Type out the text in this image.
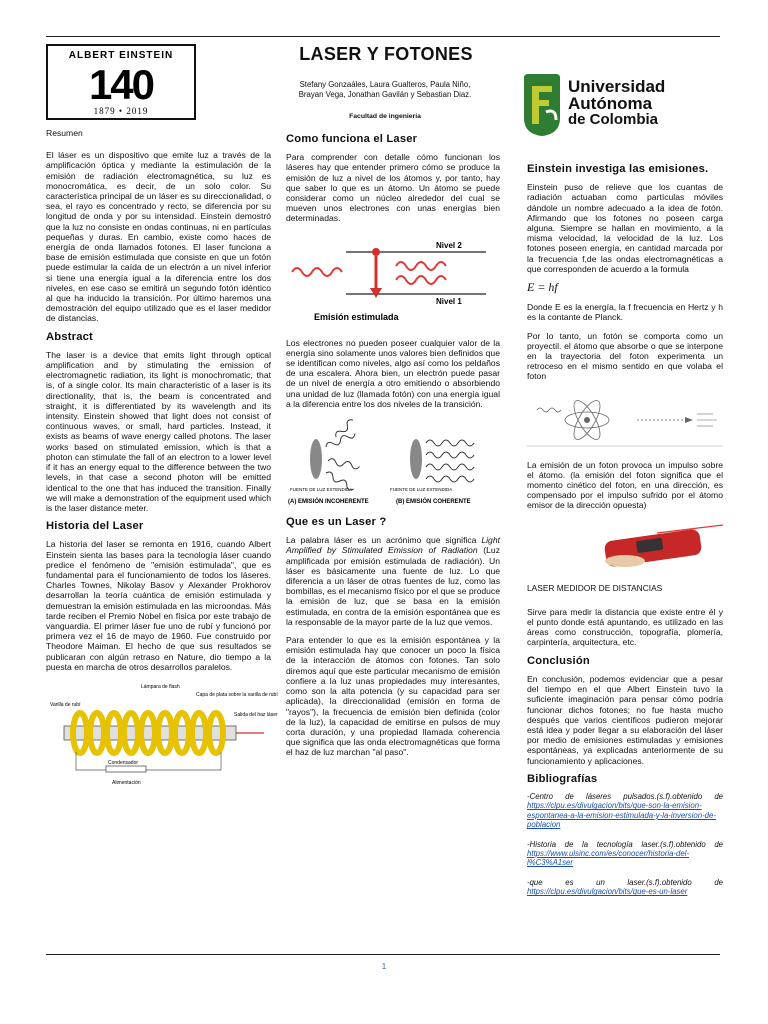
ALBERT EINSTEIN
140
1879 • 2019
LASER Y FOTONES
Stefany Gonzaáles, Laura Gualteros, Paula Niño, Brayan Vega, Jonathan Gavilán y Sebastian Diaz.
Facultad de ingeniería
Universidad
Autónoma
de Colombia
Resumen
El láser es un dispositivo que emite luz a través de la amplificación óptica y mediante la estimulación de la emisión de radiación electromagnética, su luz es monocromática, es decir, de un solo color. Su característica principal de un láser es su direccionalidad, o sea, el rayo es concentrado y recto, se diferencia por su longitud de onda y por su intensidad. Einstein demostró que la luz no consiste en ondas continuas, ni en partículas pequeñas y duras. En cambio, existe como haces de energía de onda llamados fotones. El laser funciona a base de emisión estimulada que consiste en que un fotón puede estimular la caída de un electrón a un nivel inferior si tiene una energía igual a la diferencia entre los dos niveles, en ese caso se emitirá un segundo fotón idéntico al que ha inducido la transición. Por último haremos una demostración del equipo utilizado que es el laser medidor de distancias.
Abstract
The laser is a device that emits light through optical amplification and by stimulating the emission of electromagnetic radiation, its light is monochromatic, that is, of a single color. Its main characteristic of a laser is its directionality, that is, the beam is concentrated and straight, it is differentiated by its wavelength and its intensity. Einstein showed that light does not consist of continuous waves, or small, hard particles. Instead, it exists as beams of wave energy called photons. The laser works based on stimulated emission, which is that a photon can stimulate the fall of an electron to a lower level if it has an energy equal to the difference between the two levels, in that case a second photon will be emitted identical to the one that has induced the transition. Finally we will make a demonstration of the equipment used which is the laser distance meter.
Historia del Laser
La historia del laser se remonta en 1916, cuando Albert Einstein sienta las bases para la tecnología láser cuando predice el fenómeno de "emisión estimulada", que es fundamental para el funcionamiento de todos los láseres. Charles Townes, Nikolay Basov y Alexander Prokhorov desarrollan la teoría cuántica de emisión estimulada y demuestran la emisión estimulada en las microondas. Más tarde reciben el Premio Nobel en física por este trabajo de vanguardia. El primer láser fue uno de rubí y funcionó por primera vez el 16 de mayo de 1960. Fue construido por Theodore Maiman. El hecho de que sus resultados se publicaran con algún retraso en Nature, dio tiempo a la puesta en marcha de otros desarrollos paralelos.
Lámpara de flash
Varilla de rubí
Capa de plata sobre la varilla de rubí
Salida del haz láser
Condensador
Alimentación
Como funciona el Laser
Para comprender con detalle cómo funcionan los láseres hay que entender primero cómo se produce la emisión de luz a nivel de los átomos y, por tanto, hay que saber lo que es un átomo. Un átomo se puede considerar como un núcleo alrededor del cual se mueven unos electrones con unas energías bien determinadas.
Nivel 2
Nivel 1
Emisión estimulada
Los electrones no pueden poseer cualquier valor de la energía sino solamente unos valores bien definidos que se identifican como niveles, algo así como los peldaños de una escalera. Ahora bien, un electrón puede pasar de un nivel de energía a otro emitiendo o absorbiendo una unidad de luz (llamada fotón) con una energía igual a la diferencia entre los dos niveles de la transición.
FUENTE DE LUZ EXTENDIDA	FUENTE DE LUZ EXTENDIDA
(A) EMISIÓN INCOHERENTE	(B) EMISIÓN COHERENTE
Que es un Laser ?
La palabra láser es un acrónimo que significa Light Amplified by Stimulated Emission of Radiation (Luz amplificada por emisión estimulada de radiación). Un láser es básicamente una fuente de luz. Lo que diferencia a un láser de otras fuentes de luz, como las bombillas, es el mecanismo físico por el que se produce la emisión de luz, que se basa en la emisión estimulada, en contra de la emisión espontánea que es la responsable de la mayor parte de la luz que vemos.
Para entender lo que es la emisión espontánea y la emisión estimulada hay que conocer un poco la física de la interacción de átomos con fotones. Tan solo diremos aquí que este particular mecanismo de emisión confiere a la luz unas propiedades muy interesantes, como son la alta potencia (y su capacidad para ser aplicada), la direccionalidad (emisión en forma de "rayos"), la frecuencia de emisión bien definida (color de la luz), la capacidad de emitirse en pulsos de muy corta duración, y una propiedad llamada coherencia que significa que las onda electromagnéticas que forma el haz de luz marchan "al paso".
Einstein investiga las emisiones.
Einstein puso de relieve que los cuantas de radiación actuaban como partículas móviles dándole un nombre adecuado a la idea de fotón. Afirmando que los fotones no poseen carga alguna. Siempre se hallan en movimiento, a la misma velocidad, la velocidad de la luz. Los fotones poseen energía, en cantidad marcada por la frecuencia f,de las ondas electromagnéticas a que corresponden de acuerdo a la formula
E = hf
Donde E es la energía, la f frecuencia en Hertz y h es la contante de Planck.
Por lo tanto, un fotón se comporta como un proyectil. el átomo que absorbe o que se interpone en la trayectoria del foton experimenta un retroceso en el mismo sentido en que volaba el foton
La emisión de un foton provoca un impulso sobre el átomo. (la emisión del foton significa que el momento cinético del foton, en una dirección, es compensado por el impulso sufrido por el átomo emisor de la dirección opuesta)
LASER MEDIDOR DE DISTANCIAS
Sirve para medir la distancia que existe entre él y el punto donde está apuntando, es utilizado en las áreas como construcción, topografía, plomería, carpintería, arquitectura, etc.
Conclusión
En conclusión, podemos evidenciar que a pesar del tiempo en el que Albert Einstein tuvo la suficiente imaginación para pensar cómo podría funcionar dichos fotones; no fue hasta mucho después que varios científicos pudieron mejorar está idea y poder llegar a su elaboración del láser por medio de emisiones estimuladas y emisiones espontáneas, ya explicadas anteriormente de su funcionamiento y aplicaciones.
Bibliografías
-Centro de láseres pulsados.(s.f).obtenido de https://clpu.es/divulgacion/bits/que-son-la-emision-espontanea-a-la-emision-estimulada-y-la-inversion-de-poblacion
-Historia de la tecnología laser.(s.f).obtenido de https://www.ulsinc.com/es/conocer/historia-del-l%C3%A1ser
-que es un laser.(s.f).obtenido de https://clpu.es/divulgacion/bits/que-es-un-laser
1
